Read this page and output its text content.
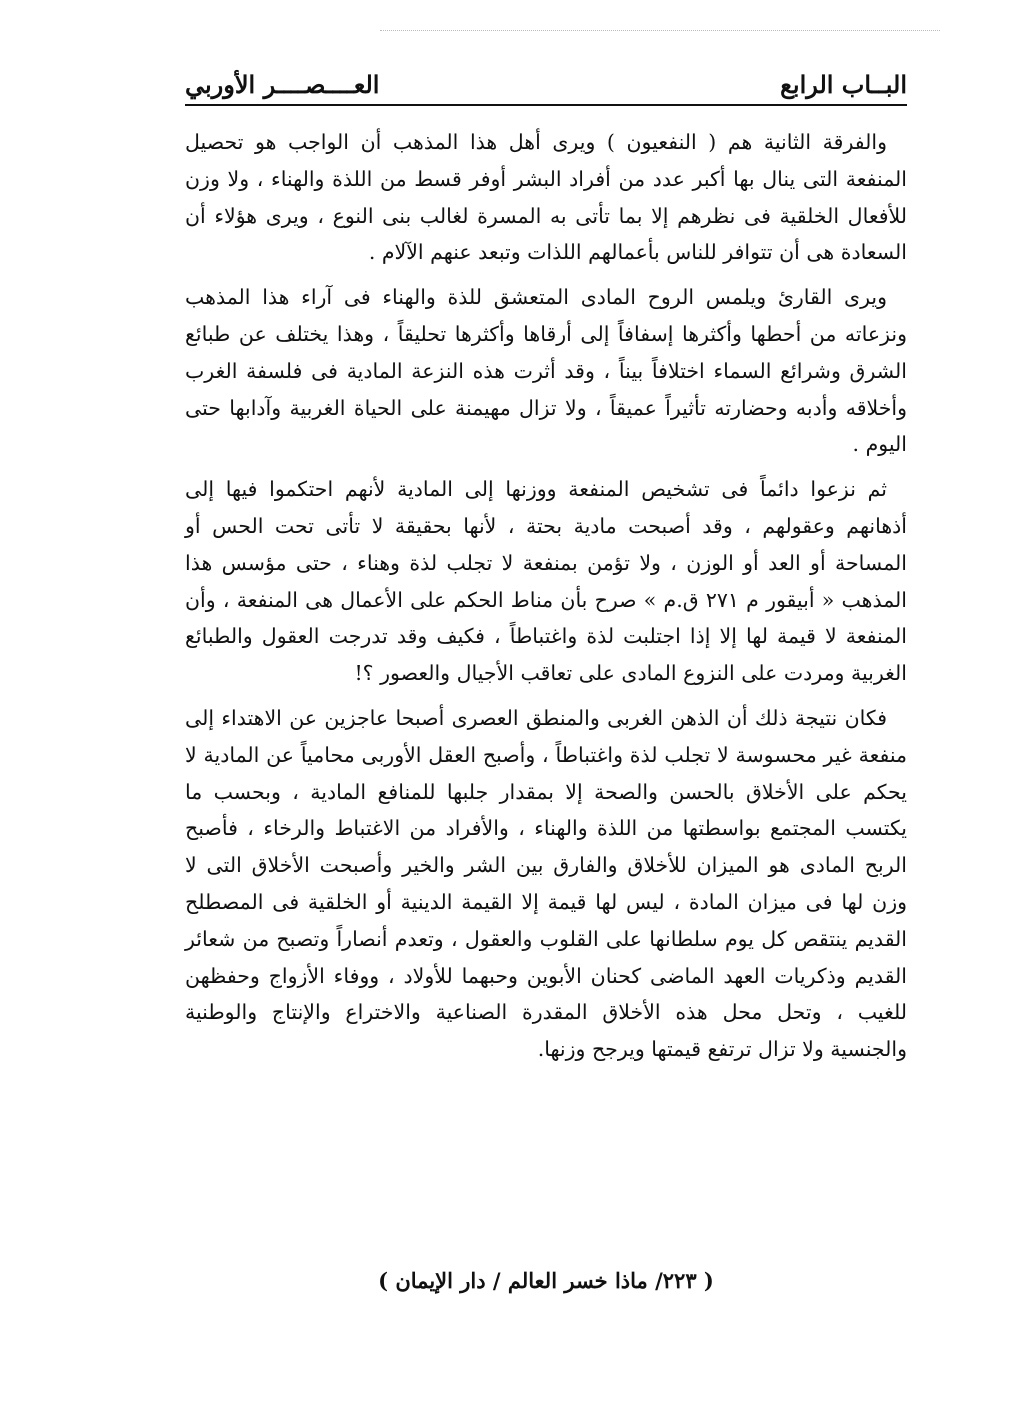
البــاب الرابع
العــــصــــر الأوربي

والفرقة الثانية هم ( النفعيون ) ويرى أهل هذا المذهب أن الواجب هو تحصيل المنفعة التى ينال بها أكبر عدد من أفراد البشر أوفر قسط من اللذة والهناء ، ولا وزن للأفعال الخلقية فى نظرهم إلا بما تأتى به المسرة لغالب بنى النوع ، ويرى هؤلاء أن السعادة هى أن تتوافر للناس بأعمالهم اللذات وتبعد عنهم الآلام .

ويرى القارئ ويلمس الروح المادى المتعشق للذة والهناء فى آراء هذا المذهب ونزعاته من أحطها وأكثرها إسفافاً إلى أرقاها وأكثرها تحليقاً ، وهذا يختلف عن طبائع الشرق وشرائع السماء اختلافاً بيناً ، وقد أثرت هذه النزعة المادية فى فلسفة الغرب وأخلاقه وأدبه وحضارته تأثيراً عميقاً ، ولا تزال مهيمنة على الحياة الغربية وآدابها حتى اليوم .

ثم نزعوا دائماً فى تشخيص المنفعة ووزنها إلى المادية لأنهم احتكموا فيها إلى أذهانهم وعقولهم ، وقد أصبحت مادية بحتة ، لأنها بحقيقة لا تأتى تحت الحس أو المساحة أو العد أو الوزن ، ولا تؤمن بمنفعة لا تجلب لذة وهناء ، حتى مؤسس هذا المذهب « أبيقور م ٢٧١ ق.م » صرح بأن مناط الحكم على الأعمال هى المنفعة ، وأن المنفعة لا قيمة لها إلا إذا اجتلبت لذة واغتباطاً ، فكيف وقد تدرجت العقول والطبائع الغربية ومردت على النزوع المادى على تعاقب الأجيال والعصور ؟!

فكان نتيجة ذلك أن الذهن الغربى والمنطق العصرى أصبحا عاجزين عن الاهتداء إلى منفعة غير محسوسة لا تجلب لذة واغتباطاً ، وأصبح العقل الأوربى محامياً عن المادية لا يحكم على الأخلاق بالحسن والصحة إلا بمقدار جلبها للمنافع المادية ، وبحسب ما يكتسب المجتمع بواسطتها من اللذة والهناء ، والأفراد من الاغتباط والرخاء ، فأصبح الربح المادى هو الميزان للأخلاق والفارق بين الشر والخير وأصبحت الأخلاق التى لا وزن لها فى ميزان المادة ، ليس لها قيمة إلا القيمة الدينية أو الخلقية فى المصطلح القديم ينتقص كل يوم سلطانها على القلوب والعقول ، وتعدم أنصاراً وتصبح من شعائر القديم وذكريات العهد الماضى كحنان الأبوين وحبهما للأولاد ، ووفاء الأزواج وحفظهن للغيب ، وتحل محل هذه الأخلاق المقدرة الصناعية والاختراع والإنتاج والوطنية والجنسية ولا تزال ترتفع قيمتها ويرجح وزنها.

( ٢٢٣/ ماذا خسر العالم / دار الإيمان )
